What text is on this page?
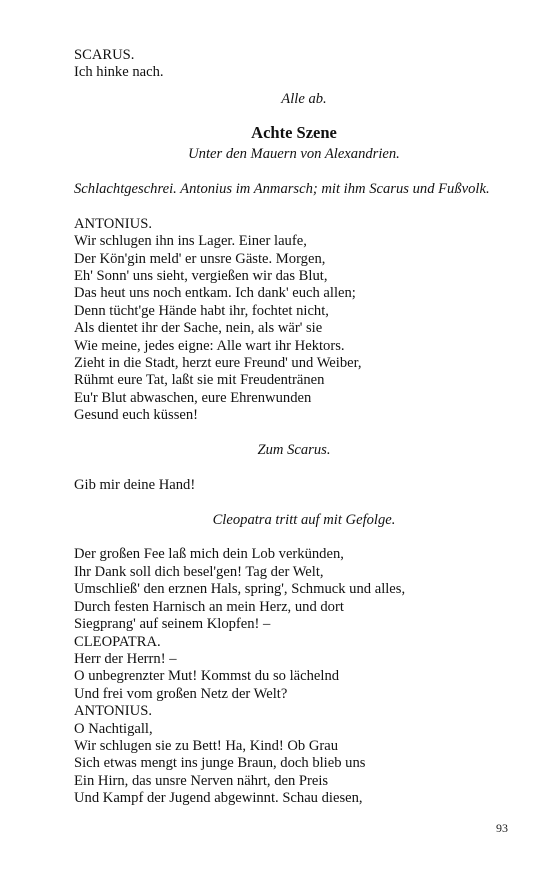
SCARUS.
Ich hinke nach.
Alle ab.
Achte Szene
Unter den Mauern von Alexandrien.
Schlachtgeschrei. Antonius im Anmarsch; mit ihm Scarus und Fußvolk.
ANTONIUS.
Wir schlugen ihn ins Lager. Einer laufe,
Der Kön'gin meld' er unsre Gäste. Morgen,
Eh' Sonn' uns sieht, vergießen wir das Blut,
Das heut uns noch entkam. Ich dank' euch allen;
Denn tücht'ge Hände habt ihr, fochtet nicht,
Als dientet ihr der Sache, nein, als wär' sie
Wie meine, jedes eigne: Alle wart ihr Hektors.
Zieht in die Stadt, herzt eure Freund' und Weiber,
Rühmt eure Tat, laßt sie mit Freudentränen
Eu'r Blut abwaschen, eure Ehrenwunden
Gesund euch küssen!
Zum Scarus.
Gib mir deine Hand!
Cleopatra tritt auf mit Gefolge.
Der großen Fee laß mich dein Lob verkünden,
Ihr Dank soll dich besel'gen! Tag der Welt,
Umschließ' den erznen Hals, spring', Schmuck und alles,
Durch festen Harnisch an mein Herz, und dort
Siegprang' auf seinem Klopfen! –
CLEOPATRA.
Herr der Herrn! –
O unbegrenzter Mut! Kommst du so lächelnd
Und frei vom großen Netz der Welt?
ANTONIUS.
O Nachtigall,
Wir schlugen sie zu Bett! Ha, Kind! Ob Grau
Sich etwas mengt ins junge Braun, doch blieb uns
Ein Hirn, das unsre Nerven nährt, den Preis
Und Kampf der Jugend abgewinnt. Schau diesen,
93
